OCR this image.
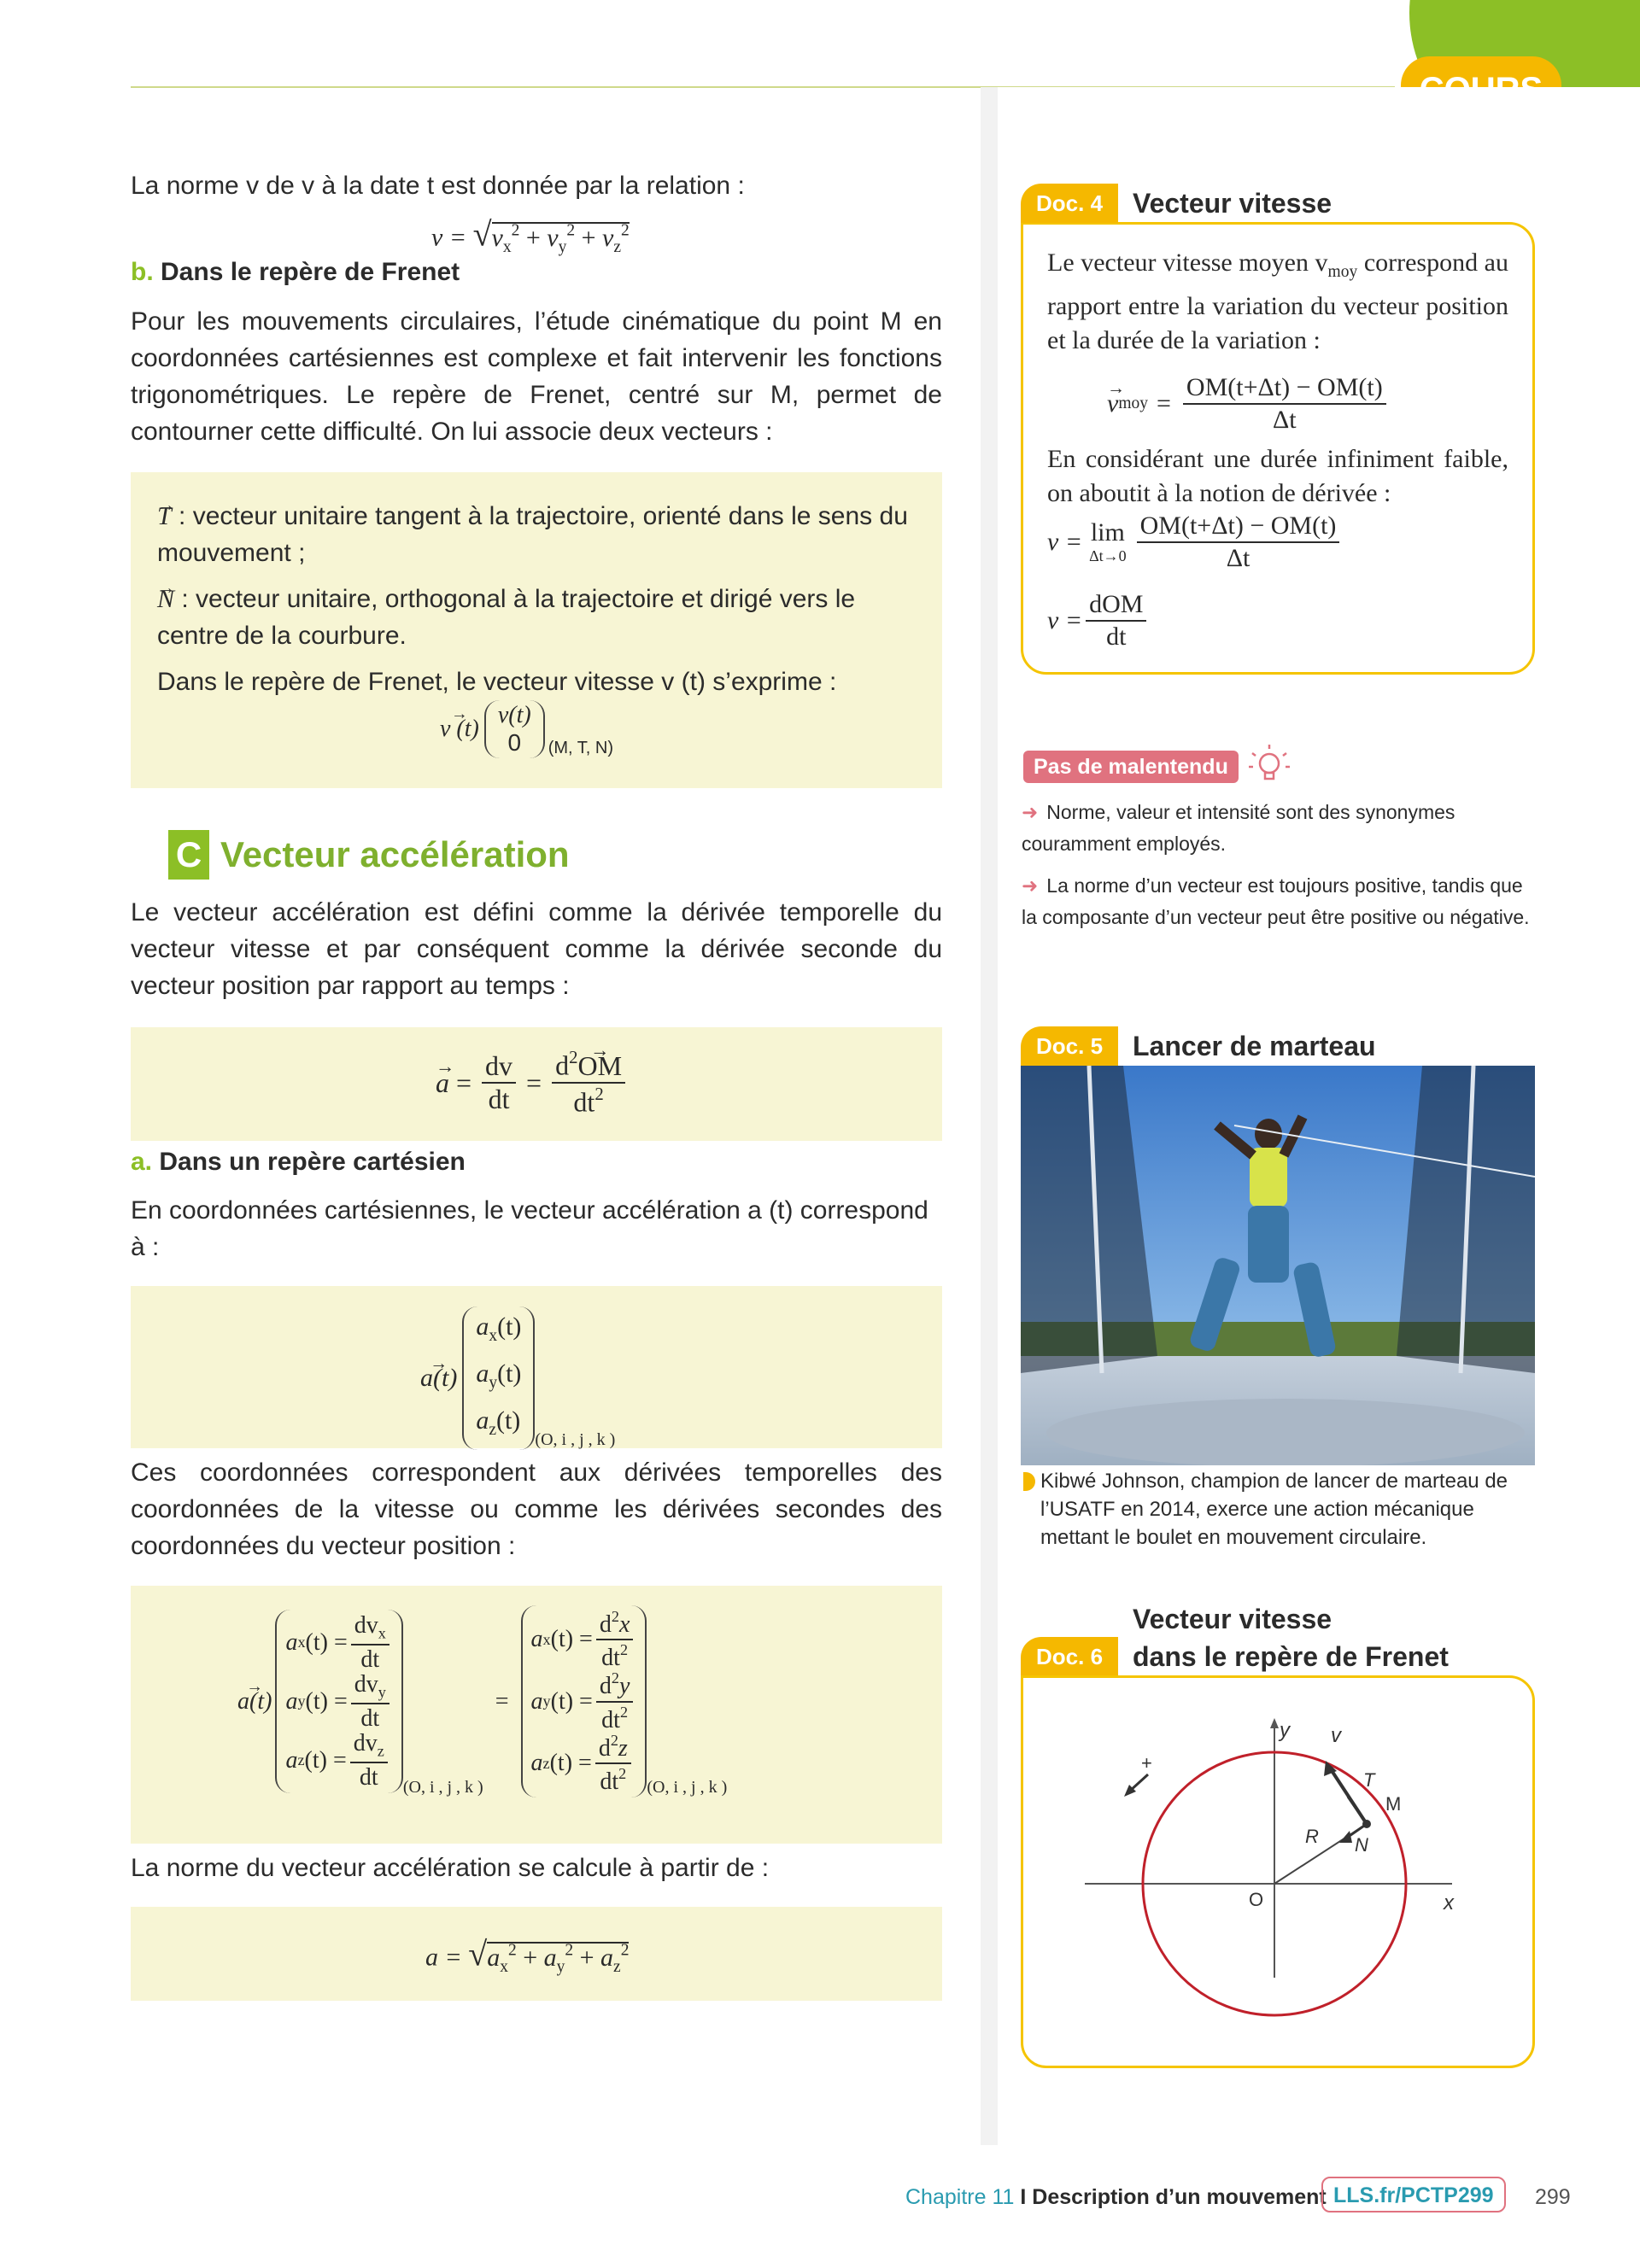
La norme v de v à la date t est donnée par la relation :
$v = √v_x^2 + v_y^2 + v_z^2$
b. Dans le repère de Frenet
Pour les mouvements circulaires, l’étude cinématique du point M en coordonnées cartésiennes est complexe et fait intervenir les fonctions trigonométriques. Le repère de Frenet, centré sur M, permet de contourner cette difficulté. On lui associe deux vecteurs :
→ T : vecteur unitaire tangent à la trajectoire, orienté dans le sens du mouvement ;
→ N : vecteur unitaire, orthogonal à la trajectoire et dirigé vers le centre de la courbure.
Dans le repère de Frenet, le vecteur vitesse v (t) s’exprime :
→ v (t)
v(t)
0 (M, T, N)
C Vecteur accélération
Le vecteur accélération est défini comme la dérivée temporelle du vecteur vitesse et par conséquent comme la dérivée seconde du vecteur position par rapport au temps :
→ $a = \frac{dv}{dt} = \frac{d^2\to OM}{dt^2}$
a. Dans un repère cartésien
En coordonnées cartésiennes, le vecteur accélération a (t) correspond à :
→ a(t)
$a_x(t)$
$a_y(t)$
$a_z(t)$
(O, i , j , k )
Ces coordonnées correspondent aux dérivées temporelles des coordonnées de la vitesse ou comme les dérivées secondes des coordonnées du vecteur position :
→ a(t)
a x $(t) = \frac{dv_x}{dt}$
a y $(t) = \frac{dv_y}{dt}$
a z $(t) = \frac{dv_z}{dt} (O$, i , j , k )
=
a x $(t) = \frac{d^2x}{dt^2}$
a y $(t) = \frac{d^2y}{dt^2}$
a z $(t) = \frac{d^2z}{dt^2} (O$, i , j , k )
La norme du vecteur accélération se calcule à partir de :
$a = √a_x^2 + a_y^2 + a_z^2$
Doc. 4	Vecteur vitesse
Le vecteur vitesse moyen $v_{moy}$ correspond au rapport entre la variation du vecteur position et la durée de la variation :
→ v moy = $\frac{OM(t+\Delta t) - OM(t)}{\Delta t}$
En considérant une durée infiniment faible, on aboutit à la notion de dérivée :
v = lim
$\Delta t\to 0 \frac{OM(t+\Delta t) - OM(t)}{\Delta t}$
$v = \frac{\text{dOM}}{dt}$
Pas de malentendu
➜ Norme, valeur et intensité sont des synonymes couramment employés.
➜ La norme d’un vecteur est toujours positive, tandis que la composante d’un vecteur peut être positive ou négative.
Doc. 5	Lancer de marteau
Kibwé Johnson, champion de lancer de marteau de l’USATF en 2014, exerce une action mécanique mettant le boulet en mouvement circulaire.
Vecteur vitesse
dans le repère de Frenet
Doc. 6
y
x
O
R
M
v
T
N
+
Chapitre 11 I Description d’un mouvement LLS.fr/PCTP299	299
